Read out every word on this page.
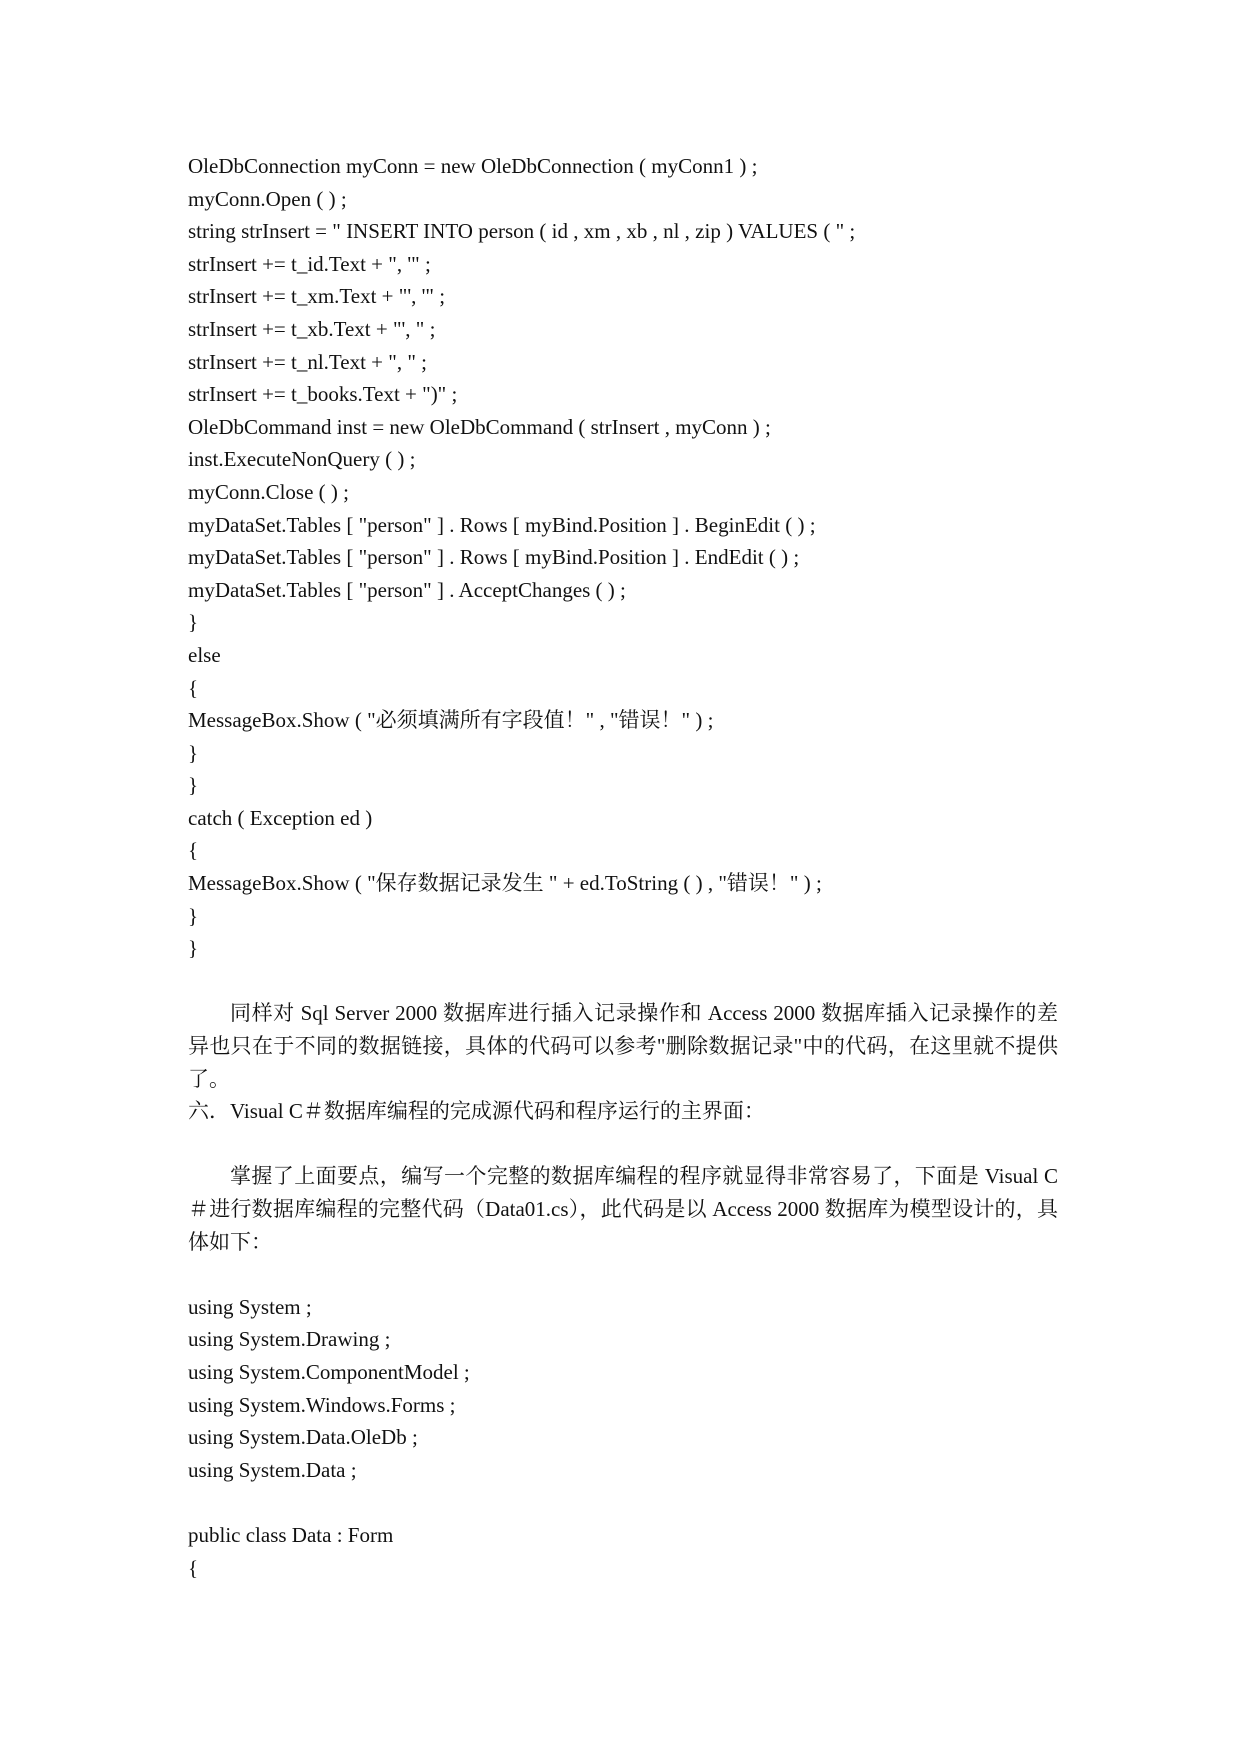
OleDbConnection myConn = new OleDbConnection ( myConn1 ) ;
myConn.Open ( ) ;
string strInsert = " INSERT INTO person ( id , xm , xb , nl , zip ) VALUES ( " ;
strInsert += t_id.Text + ", '" ;
strInsert += t_xm.Text + "', '" ;
strInsert += t_xb.Text + "', " ;
strInsert += t_nl.Text + ", " ;
strInsert += t_books.Text + ")" ;
OleDbCommand inst = new OleDbCommand ( strInsert , myConn ) ;
inst.ExecuteNonQuery ( ) ;
myConn.Close ( ) ;
myDataSet.Tables [ "person" ] . Rows [ myBind.Position ] . BeginEdit ( ) ;
myDataSet.Tables [ "person" ] . Rows [ myBind.Position ] . EndEdit ( ) ;
myDataSet.Tables [ "person" ] . AcceptChanges ( ) ;
}
else
{
MessageBox.Show ( "必须填满所有字段值！" , "错误！" ) ;
}
}
catch ( Exception ed )
{
MessageBox.Show ( "保存数据记录发生 " + ed.ToString ( ) , "错误！" ) ;
}
}

同样对 Sql Server 2000 数据库进行插入记录操作和 Access 2000 数据库插入记录操作的差异也只在于不同的数据链接，具体的代码可以参考"删除数据记录"中的代码，在这里就不提供了。

六．Visual C＃数据库编程的完成源代码和程序运行的主界面：

掌握了上面要点，编写一个完整的数据库编程的程序就显得非常容易了，下面是 Visual C＃进行数据库编程的完整代码（Data01.cs），此代码是以 Access 2000 数据库为模型设计的，具体如下：

using System ;
using System.Drawing ;
using System.ComponentModel ;
using System.Windows.Forms ;
using System.Data.OleDb ;
using System.Data ;
public class Data : Form
{
